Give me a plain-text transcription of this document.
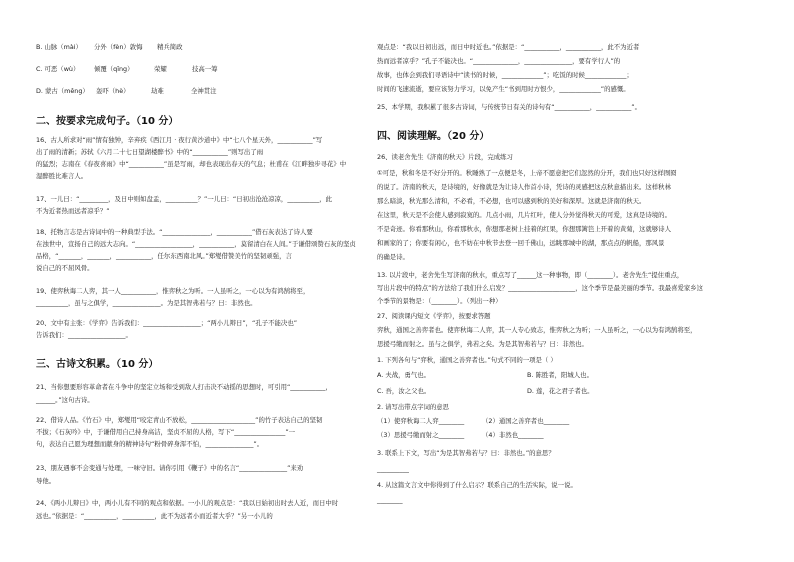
B. 山脉（mài） 分外（fèn）敦悔 精兵简政
C. 可恶（wù） 倾覆（qīng）	荣耀	技高一筹
D. 蒙古（měng） 轰吓（hè）	劫难	全神贯注
二、按要求完成句子。（10 分）
16、古人所求对“雨”情有独钟，辛弃疾《西江月 · 夜行黄沙道中》中“七八个星天外，___________”写
出了雨的清新；苏轼《六月二十七日望湖楼醉书》中的“___________”则写出了雨
的猛烈；志南在《春夜喜雨》中“___________”虽是写雨，却也表现出春天的气息；杜甫在《江畔独步寻花》中
湿醉胜比难言人。
17、一儿曰：“_________，及日中则如盘盂，__________？”一儿曰：“日初出沧沧凉凉，__________，此
不为近者热而远者凉乎？”
18、托物言志是古诗词中的一种典型手法。“_______________，___________”借石灰表达了诗人要
在浊世中，宣扬自己的远大志向。“__________________，___________，莫留清白在人间。”于谦借颂赞石灰的坚贞
品格，“_______，_______，___________，任尔东西南北风。”郑燮借赞美竹的坚韧顽强，言
说自己的不屈风骨。
19、使弈秋诲二人弈，其一人___________，惟弈秋之为听。一人虽听之，一心以为有鸿鹄将至，
__________，虽与之俱学，_______________。为是其智弗若与？曰：非然也。
20、文中有主张：《学弈》告诉我们：__________________；“两小儿辩日”，“孔子不能决也”
告诉我们：__________________。
三、古诗文积累。（10 分）
21、当你想要形容革命者在斗争中的坚定立场和受到敌人打击决不动摇的思想时，可引用“___________，
______。”这句古诗。
22、借诗人品。《竹石》中，郑燮用“咬定青山不放松，____________________”的竹子表达自己的坚韧
不拔；《石灰吟》中，于谦借用自己持身高洁，坚贞不屈的人格，写下“________________”一
句，表达自己愿为理想而献身的精神诗句“粉骨碎身浑不怕，_______________”。
23、朋友遇事不会变通与处理，一味守旧。请你引用《鞭子》中的名言“_______________”来劝
导他。
24、《两小儿辩日》中，两小儿有不同的观点和依据。一小儿的观点是：“我以日始初出时去人近，而日中时
远也。”依据是：“__________，__________，此不为远者小而近者大乎？”另一小儿的
观点是：“我以日初出远，而日中时近也。”依据是：“___________，___________，此不为近者
热而远者凉乎？”孔子不能决也。“______________，_______________，要有学行人”的
故事，也体会到我们寻语诗中“读书的时候，_____________”；吃饭的时候_____________；
时间的飞速流逝，要应该努力学习，以免产生“书到用时方恨少，_____________”的感慨。
25、本学期，我积累了很多古诗词，与传统节日有关的诗句有“___________，___________”。
四、阅读理解。（20 分）
26、读老舍先生《济南的秋天》片段，完成练习
①可是，秋和冬是不好分开的。秋睡熟了一点便是冬，上帝不愿意把它们忽然的分开，我们也只好这样囫囵
的说了。济南的秋天，是诗境的，好像就是为让诗人作首小诗，凭诗的灵感把这点秋意描出来。这样秋林
那么暗淡，秋光那么清和，不必看，不必想，也可以感到秋的美好和深厚。这就是济南的秋天。
在这里，秋天是不会使人感到寂寞的。几点小雨，几片红叶，使人分外觉得秋天的可爱，这真是诗境的。
不是奇迹。你看那秋山，你看那秋水，你想那老树上挂着的红果，你想那篱笆上开着的黄菊，这就够诗人
和画家的了；你要有闲心，也不妨在中秋节去登一回千佛山，远眺那城中的湖，那点点的帆船，那风景
的确是诗。
13. 以片段中，老舍先生写济南的秋水，重点写了______这一种事物，即（________）。老舍先生“提住重点，
写出片段中的特点”的方法给了我们什么启发？_____________________，这个季节是最美丽的季节。我最喜爱家乡这
个季节的景物是：（________）。（列出一种）
27、阅读课内短文《学弈》，按要求答题
弈秋，通国之善弈者也。使弈秋诲二人弈，其一人专心致志，惟弈秋之为听；一人虽听之，一心以为有鸿鹄将至，
思援弓缴而射之。虽与之俱学，弗若之矣。为是其智弗若与？曰：非然也。
1. 下列各句与“弈秋，通国之善弈者也。”句式不同的一项是（ ）
A. 夫战，勇气也。	B. 陈胜者，阳城人也。
C. 吾，汝之父也。	D. 莲，花之君子者也。
2. 请写出带点字词的意思
（1）使弈秋诲二人弈________	（2）通国之善弈者也________
（3）思援弓缴而射之________	（4）非然也________
3. 联系上下文，写出“为是其智弗若与？曰：非然也。”的意思？
__________
4. 从这篇文言文中你得到了什么启示？联系自己的生活实际，说一说。
________
